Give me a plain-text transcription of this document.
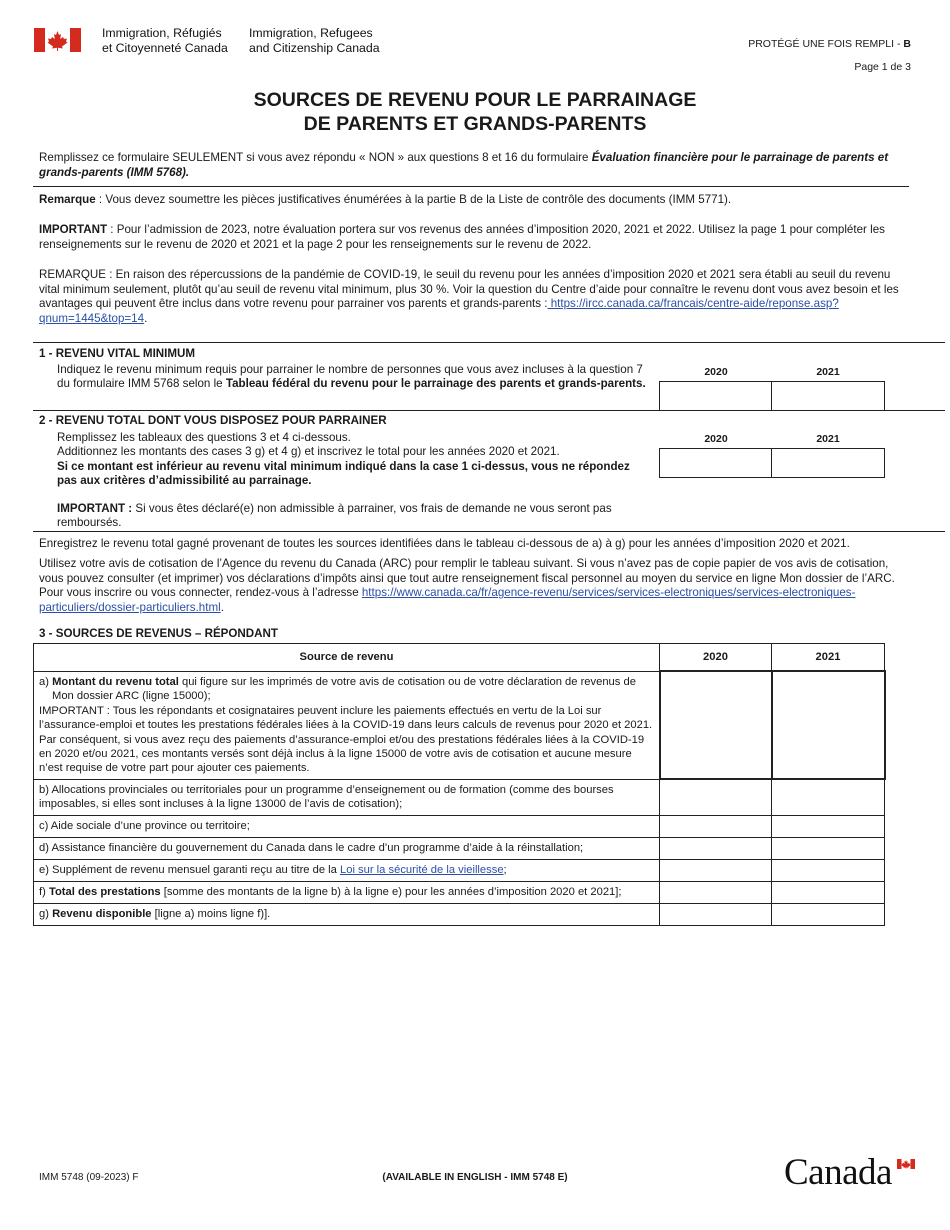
Immigration, Réfugiés
et Citoyenneté Canada
Immigration, Refugees
and Citizenship Canada	PROTÉGÉ UNE FOIS REMPLI - B
Page 1 de 3
SOURCES DE REVENU POUR LE PARRAINAGE
DE PARENTS ET GRANDS-PARENTS
Remplissez ce formulaire SEULEMENT si vous avez répondu « NON » aux questions 8 et 16 du formulaire Évaluation financière pour le parrainage de parents et grands-parents (IMM 5768).
Remarque : Vous devez soumettre les pièces justificatives énumérées à la partie B de la Liste de contrôle des documents (IMM 5771).
IMPORTANT : Pour l’admission de 2023, notre évaluation portera sur vos revenus des années d’imposition 2020, 2021 et 2022. Utilisez la page 1 pour compléter les renseignements sur le revenu de 2020 et 2021 et la page 2 pour les renseignements sur le revenu de 2022.
REMARQUE : En raison des répercussions de la pandémie de COVID-19, le seuil du revenu pour les années d’imposition 2020 et 2021 sera établi au seuil du revenu vital minimum seulement, plutôt qu’au seuil de revenu vital minimum, plus 30 %. Voir la question du Centre d’aide pour connaître le revenu dont vous avez besoin et les avantages qui peuvent être inclus dans votre revenu pour parrainer vos parents et grands-parents : https://ircc.canada.ca/francais/centre-aide/reponse.asp?qnum=1445&top=14.
1 - REVENU VITAL MINIMUM
Indiquez le revenu minimum requis pour parrainer le nombre de personnes que vous avez incluses à la question 7 du formulaire IMM 5768 selon le Tableau fédéral du revenu pour le parrainage des parents et grands-parents.
2020	2021
2 - REVENU TOTAL DONT VOUS DISPOSEZ POUR PARRAINER
Remplissez les tableaux des questions 3 et 4 ci-dessous.
Additionnez les montants des cases 3 g) et 4 g) et inscrivez le total pour les années 2020 et 2021.
Si ce montant est inférieur au revenu vital minimum indiqué dans la case 1 ci-dessus, vous ne répondez pas aux critères d’admissibilité au parrainage.
IMPORTANT : Si vous êtes déclaré(e) non admissible à parrainer, vos frais de demande ne vous seront pas remboursés.
2020	2021
Enregistrez le revenu total gagné provenant de toutes les sources identifiées dans le tableau ci-dessous de a) à g) pour les années d’imposition 2020 et 2021.
Utilisez votre avis de cotisation de l’Agence du revenu du Canada (ARC) pour remplir le tableau suivant. Si vous n’avez pas de copie papier de vos avis de cotisation, vous pouvez consulter (et imprimer) vos déclarations d’impôts ainsi que tout autre renseignement fiscal personnel au moyen du service en ligne Mon dossier de l’ARC. Pour vous inscrire ou vous connecter, rendez-vous à l’adresse https://www.canada.ca/fr/agence-revenu/services/services-electroniques/services-electroniques-particuliers/dossier-particuliers.html.
3 - SOURCES DE REVENUS – RÉPONDANT
Source de revenu	2020	2021

a) Montant du revenu total qui figure sur les imprimés de votre avis de cotisation ou de votre déclaration de revenus de Mon dossier ARC (ligne 15000);
IMPORTANT : Tous les répondants et cosignataires peuvent inclure les paiements effectués en vertu de la Loi sur l’assurance-emploi et toutes les prestations fédérales liées à la COVID-19 dans leurs calculs de revenus pour 2020 et 2021. Par conséquent, si vous avez reçu des paiements d’assurance-emploi et/ou des prestations fédérales liées à la COVID-19 en 2020 et/ou 2021, ces montants versés sont déjà inclus à la ligne 15000 de votre avis de cotisation et aucune mesure n’est requise de votre part pour ajouter ces paiements.		

b) Allocations provinciales ou territoriales pour un programme d’enseignement ou de formation (comme des bourses imposables, si elles sont incluses à la ligne 13000 de l’avis de cotisation);		
c) Aide sociale d’une province ou territoire;		
d) Assistance financière du gouvernement du Canada dans le cadre d’un programme d’aide à la réinstallation;		
e) Supplément de revenu mensuel garanti reçu au titre de la Loi sur la sécurité de la vieillesse;		
f) Total des prestations [somme des montants de la ligne b) à la ligne e) pour les années d’imposition 2020 et 2021];		
g) Revenu disponible [ligne a) moins ligne f)].		
IMM 5748 (09-2023) F	(AVAILABLE IN ENGLISH - IMM 5748 E)	Canada
